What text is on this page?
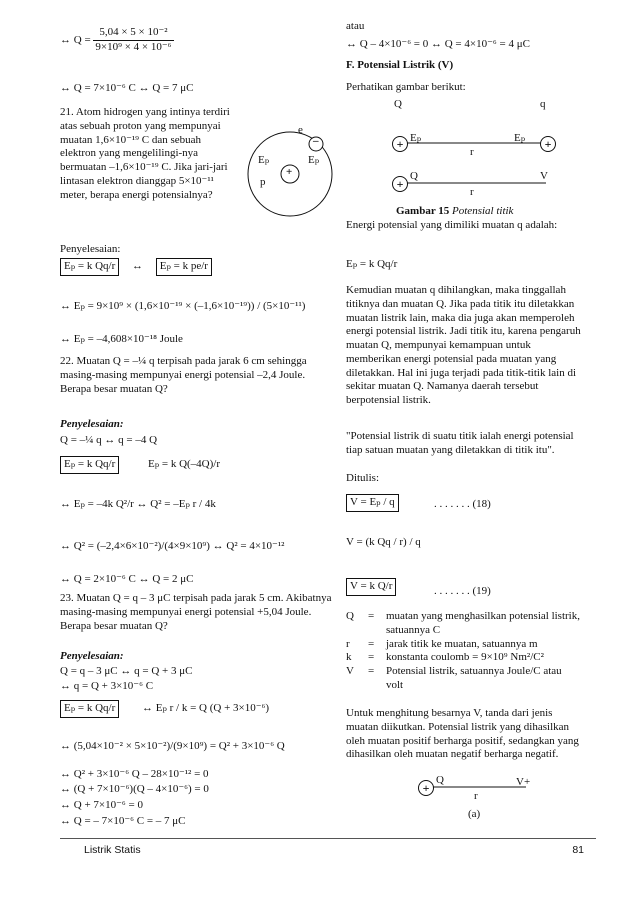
↔ $Q = \frac{\text{5,04 × 5 × 10⁻²}}{\text{9×10⁹ × 4 × 10⁻⁶}}$
↔ Q = 7×10⁻⁶ C ↔ Q = 7 μC
21. Atom hidrogen yang intinya terdiri atas sebuah proton yang mempunyai muatan 1,6×10⁻¹⁹ C dan sebuah elektron yang mengelilingi-nya bermuatan –1,6×10⁻¹⁹ C. Jika jari-jari lintasan elektron dianggap 5×10⁻¹¹ meter, berapa energi potensialnya?
e
–
Eₚ	Eₚ
p
+
Penyelesaian:
Eₚ = k Qq/r ↔ Eₚ = k pe/r
↔ Eₚ = 9×10⁹ × (1,6×10⁻¹⁹ × (–1,6×10⁻¹⁹)) / (5×10⁻¹¹)
↔ Eₚ = –4,608×10⁻¹⁸ Joule
22. Muatan Q = –¼ q terpisah pada jarak 6 cm sehingga masing-masing mempunyai energi potensial –2,4 Joule. Berapa besar muatan Q?
Penyelesaian:
Q = –¼ q ↔ q = –4 Q
Eₚ = k Qq/r	Eₚ = k Q(–4Q)/r
↔ Eₚ = –4k Q²/r ↔ Q² = –Eₚ r / 4k
↔ Q² = (–2,4×6×10⁻²)/(4×9×10⁹) ↔ Q² = 4×10⁻¹²
↔ Q = 2×10⁻⁶ C ↔ Q = 2 μC
23. Muatan Q = q – 3 μC terpisah pada jarak 5 cm. Akibatnya masing-masing mempunyai energi potensial +5,04 Joule. Berapa besar muatan Q?
Penyelesaian:
Q = q – 3 μC ↔ q = Q + 3 μC
↔ q = Q + 3×10⁻⁶ C
Eₚ = k Qq/r ↔ Eₚ r / k = Q (Q + 3×10⁻⁶)
↔ (5,04×10⁻² × 5×10⁻²)/(9×10⁹) = Q² + 3×10⁻⁶ Q
↔ Q² + 3×10⁻⁶ Q – 28×10⁻¹² = 0
↔ (Q + 7×10⁻⁶)(Q – 4×10⁻⁶) = 0
↔ Q + 7×10⁻⁶ = 0
↔ Q = – 7×10⁻⁶ C = – 7 μC
atau
↔ Q – 4×10⁻⁶ = 0 ↔ Q = 4×10⁻⁶ = 4 μC
F. Potensial Listrik (V)
Perhatikan gambar berikut:
Q	q
+ Eₚ	Eₚ	+
r
+
Q	V
r
Gambar 15 Potensial titik
Energi potensial yang dimiliki muatan q adalah:
Eₚ = k Qq/r
Kemudian muatan q dihilangkan, maka tinggallah titiknya dan muatan Q. Jika pada titik itu diletakkan muatan listrik lain, maka dia juga akan memperoleh energi potensial listrik. Jadi titik itu, karena pengaruh muatan Q, mempunyai kemampuan untuk memberikan energi potensial pada muatan yang diletakkan. Hal ini juga terjadi pada titik-titik lain di sekitar muatan Q. Namanya daerah tersebut berpotensial listrik.
"Potensial listrik di suatu titik ialah energi potensial tiap satuan muatan yang diletakkan di titik itu".
Ditulis:
V = Eₚ / q	. . . . . . . (18)
V = (k Qq / r) / q
V = k Q/r	. . . . . . . (19)
Q	=	muatan yang menghasilkan potensial listrik, satuannya C
r	=	jarak titik ke muatan, satuannya m
k	=	konstanta coulomb = 9×10⁹ Nm²/C²
V	=	Potensial listrik, satuannya Joule/C atau volt
Untuk menghitung besarnya V, tanda dari jenis muatan diikutkan. Potensial listrik yang dihasilkan oleh muatan positif berharga positif, sedangkan yang dihasilkan oleh muatan negatif berharga negatif.
+
Q	V+
r
(a)
Listrik Statis	81
